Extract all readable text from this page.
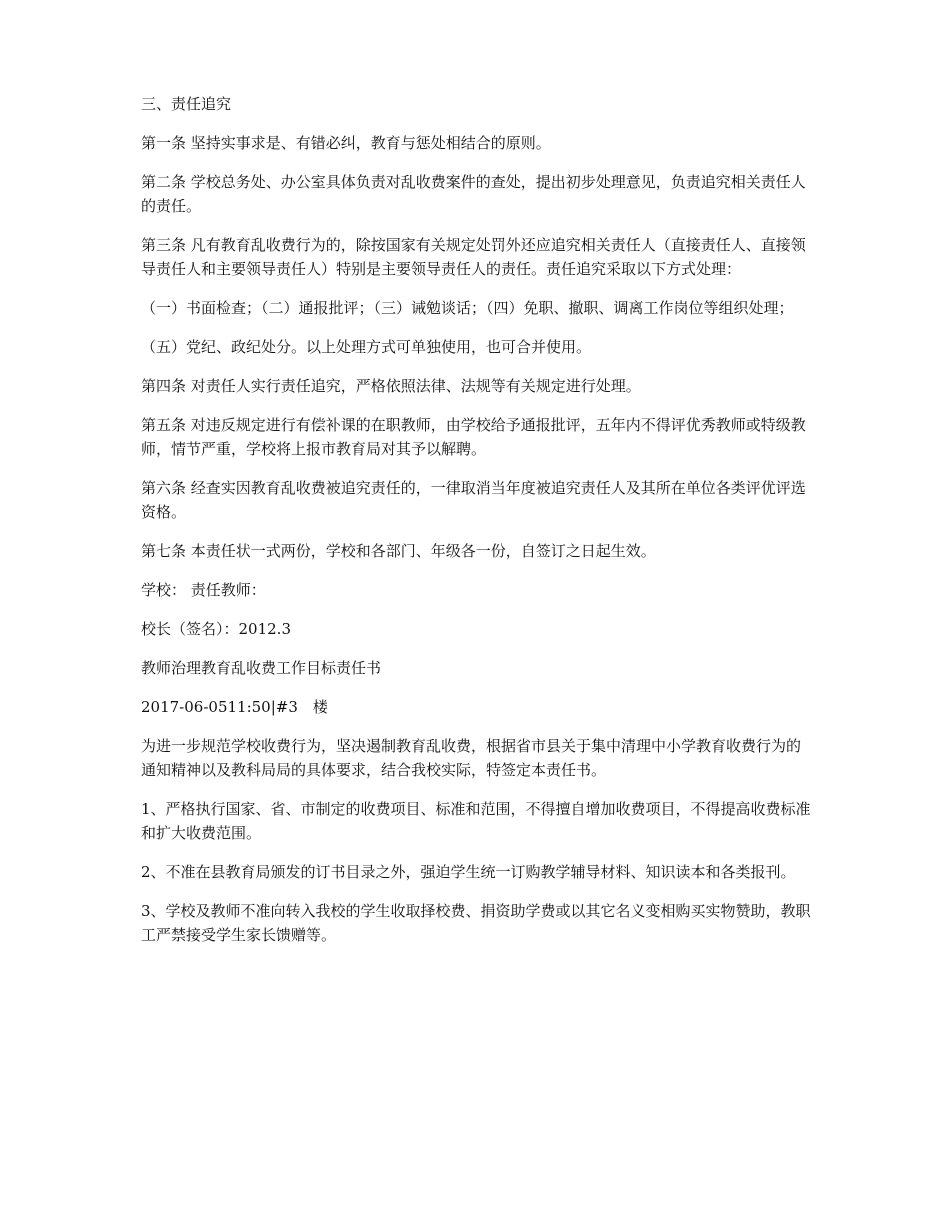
三、责任追究

第一条 坚持实事求是、有错必纠，教育与惩处相结合的原则。

第二条 学校总务处、办公室具体负责对乱收费案件的查处，提出初步处理意见，负责追究相关责任人的责任。

第三条 凡有教育乱收费行为的，除按国家有关规定处罚外还应追究相关责任人（直接责任人、直接领导责任人和主要领导责任人）特别是主要领导责任人的责任。责任追究采取以下方式处理：

（一）书面检查；（二）通报批评；（三）诫勉谈话；（四）免职、撤职、调离工作岗位等组织处理；

（五）党纪、政纪处分。以上处理方式可单独使用，也可合并使用。

第四条 对责任人实行责任追究，严格依照法律、法规等有关规定进行处理。

第五条 对违反规定进行有偿补课的在职教师，由学校给予通报批评，五年内不得评优秀教师或特级教师，情节严重，学校将上报市教育局对其予以解聘。

第六条 经查实因教育乱收费被追究责任的，一律取消当年度被追究责任人及其所在单位各类评优评选资格。

第七条 本责任状一式两份，学校和各部门、年级各一份，自签订之日起生效。

学校： 责任教师：

校长（签名）：2012.3

教师治理教育乱收费工作目标责任书

2017-06-0511:50|#3　楼

为进一步规范学校收费行为，坚决遏制教育乱收费，根据省市县关于集中清理中小学教育收费行为的通知精神以及教科局局的具体要求，结合我校实际，特签定本责任书。

1、严格执行国家、省、市制定的收费项目、标准和范围，不得擅自增加收费项目，不得提高收费标准和扩大收费范围。

2、不准在县教育局颁发的订书目录之外，强迫学生统一订购教学辅导材料、知识读本和各类报刊。

3、学校及教师不准向转入我校的学生收取择校费、捐资助学费或以其它名义变相购买实物赞助，教职工严禁接受学生家长馈赠等。
